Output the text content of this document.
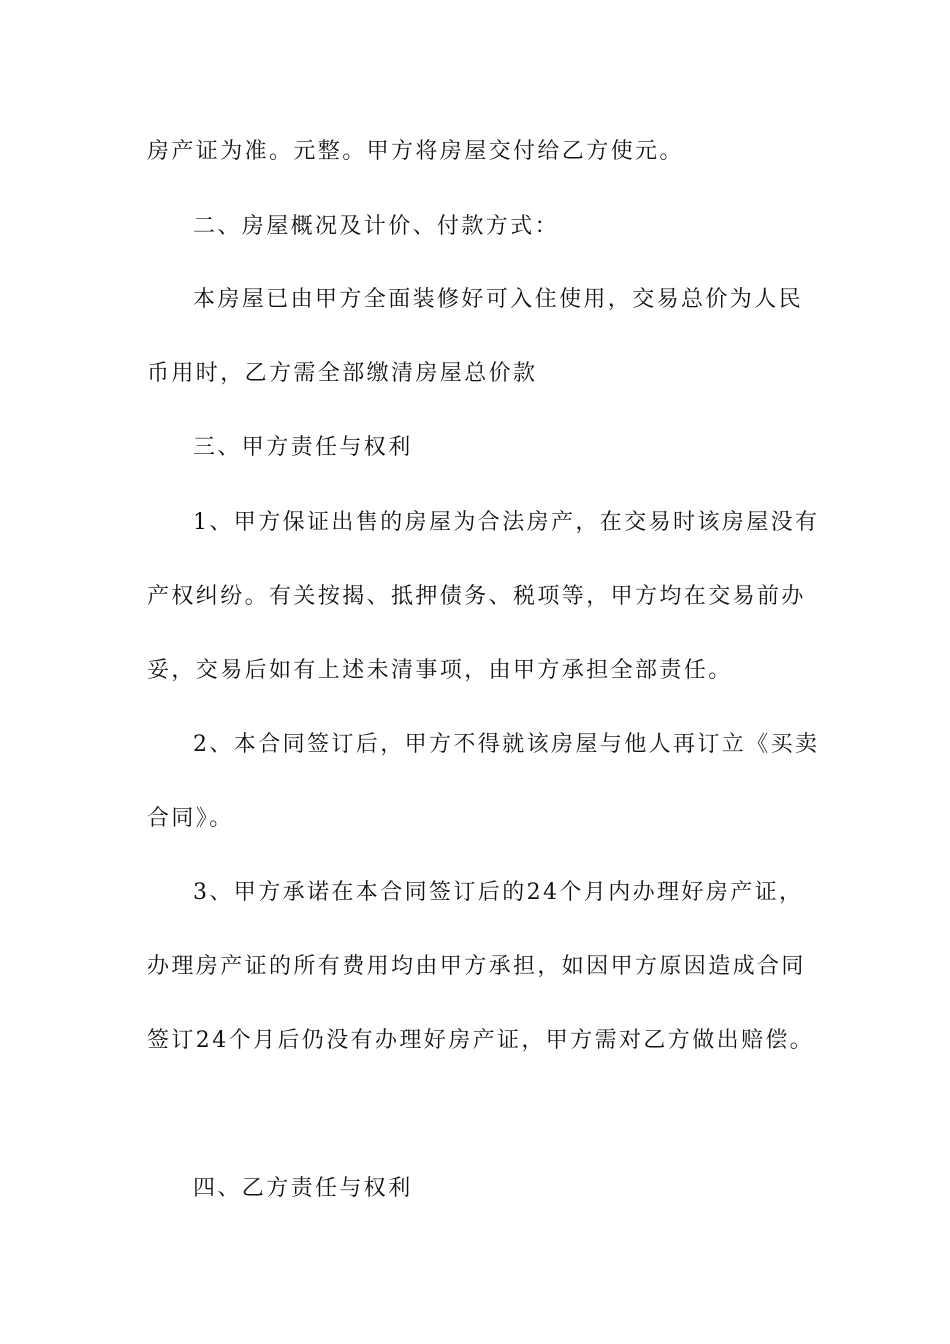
房产证为准。元整。甲方将房屋交付给乙方使元。
二、房屋概况及计价、付款方式：
本房屋已由甲方全面装修好可入住使用，交易总价为人民
币用时，乙方需全部缴清房屋总价款
三、甲方责任与权利
1、甲方保证出售的房屋为合法房产，在交易时该房屋没有
产权纠纷。有关按揭、抵押债务、税项等，甲方均在交易前办
妥，交易后如有上述未清事项，由甲方承担全部责任。
2、本合同签订后，甲方不得就该房屋与他人再订立《买卖
合同》。
3、甲方承诺在本合同签订后的24个月内办理好房产证，
办理房产证的所有费用均由甲方承担，如因甲方原因造成合同
签订24个月后仍没有办理好房产证，甲方需对乙方做出赔偿。
四、乙方责任与权利
